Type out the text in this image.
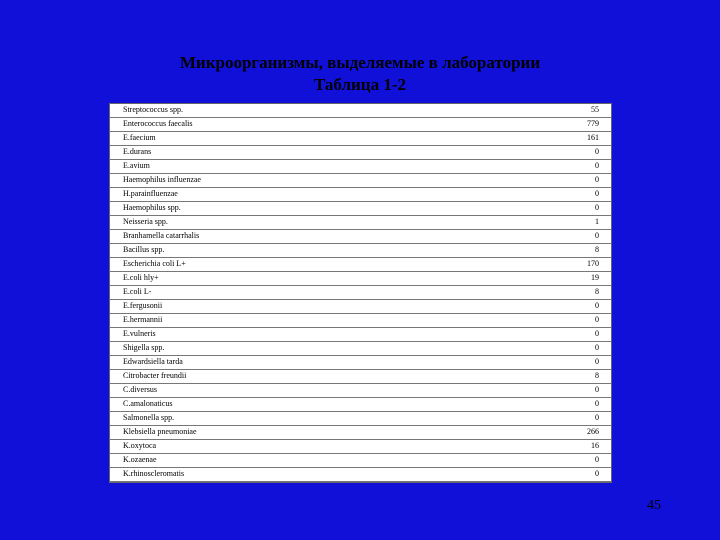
Микроорганизмы, выделяемые в лаборатории
Таблица 1-2
Streptococcus spp.	55
Enterococcus faecalis	779
E.faecium	161
E.durans	0
E.avium	0
Haemophilus influenzae	0
H.parainfluenzae	0
Haemophilus spp.	0
Neisseria spp.	1
Branhamella catarrhalis	0
Bacillus spp.	8
Escherichia coli L+	170
E.coli hly+	19
E.coli L-	8
E.fergusonii	0
E.hermannii	0
E.vulneris	0
Shigella spp.	0
Edwardsiella tarda	0
Citrobacter freundii	8
C.diversus	0
C.amalonaticus	0
Salmonella spp.	0
Klebsiella pneumoniae	266
K.oxytoca	16
K.ozaenae	0
K.rhinoscleromatis	0
45
